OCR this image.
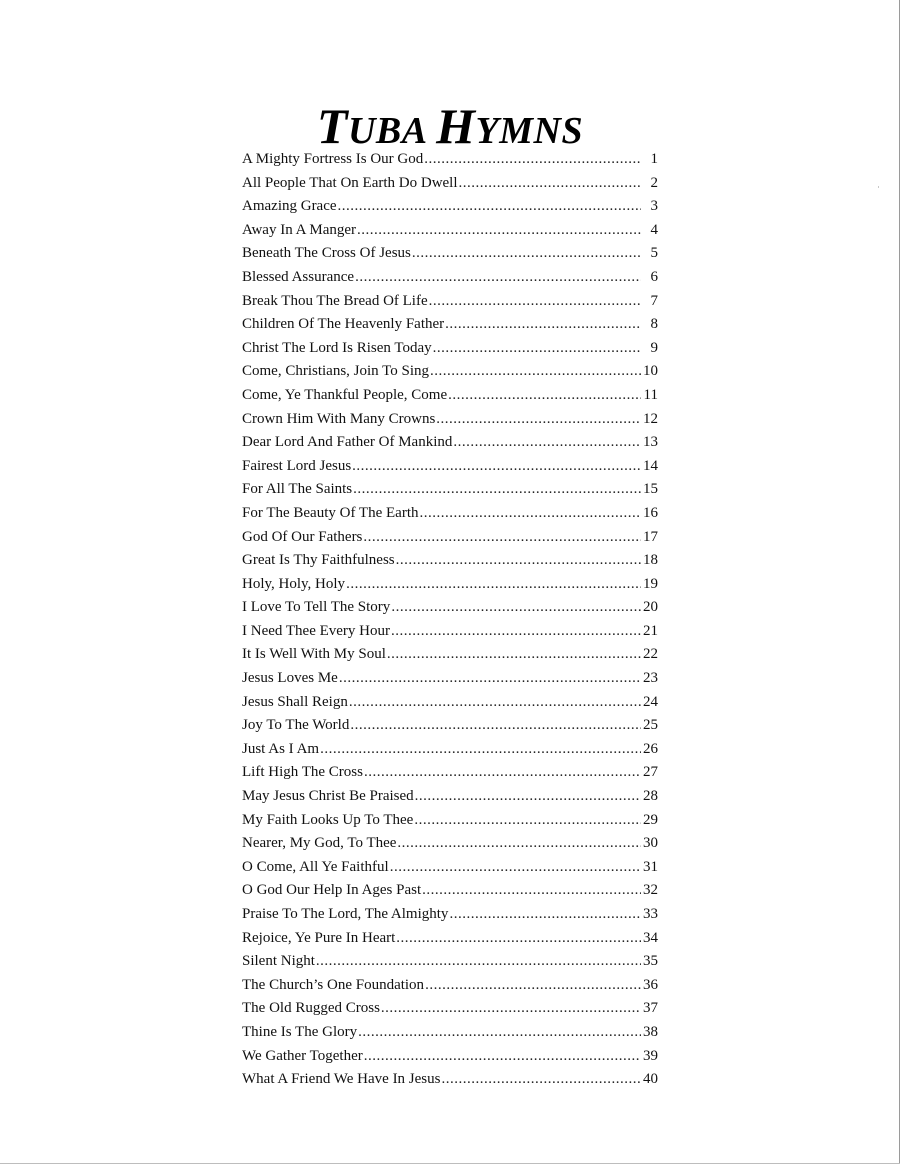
TUBA HYMNS
A Mighty Fortress Is Our God .....	1
All People That On Earth Do Dwell .....	2
Amazing Grace .....	3
Away In A Manger .....	4
Beneath The Cross Of Jesus .....	5
Blessed Assurance .....	6
Break Thou The Bread Of Life .....	7
Children Of The Heavenly Father .....	8
Christ The Lord Is Risen Today .....	9
Come, Christians, Join To Sing .....	10
Come, Ye Thankful People, Come .....	11
Crown Him With Many Crowns .....	12
Dear Lord And Father Of Mankind .....	13
Fairest Lord Jesus .....	14
For All The Saints .....	15
For The Beauty Of The Earth .....	16
God Of Our Fathers .....	17
Great Is Thy Faithfulness .....	18
Holy, Holy, Holy .....	19
I Love To Tell The Story .....	20
I Need Thee Every Hour .....	21
It Is Well With My Soul .....	22
Jesus Loves Me .....	23
Jesus Shall Reign .....	24
Joy To The World .....	25
Just As I Am .....	26
Lift High The Cross .....	27
May Jesus Christ Be Praised .....	28
My Faith Looks Up To Thee .....	29
Nearer, My God, To Thee .....	30
O Come, All Ye Faithful .....	31
O God Our Help In Ages Past .....	32
Praise To The Lord, The Almighty .....	33
Rejoice, Ye Pure In Heart .....	34
Silent Night .....	35
The Church’s One Foundation .....	36
The Old Rugged Cross .....	37
Thine Is The Glory .....	38
We Gather Together .....	39
What A Friend We Have In Jesus .....	40
